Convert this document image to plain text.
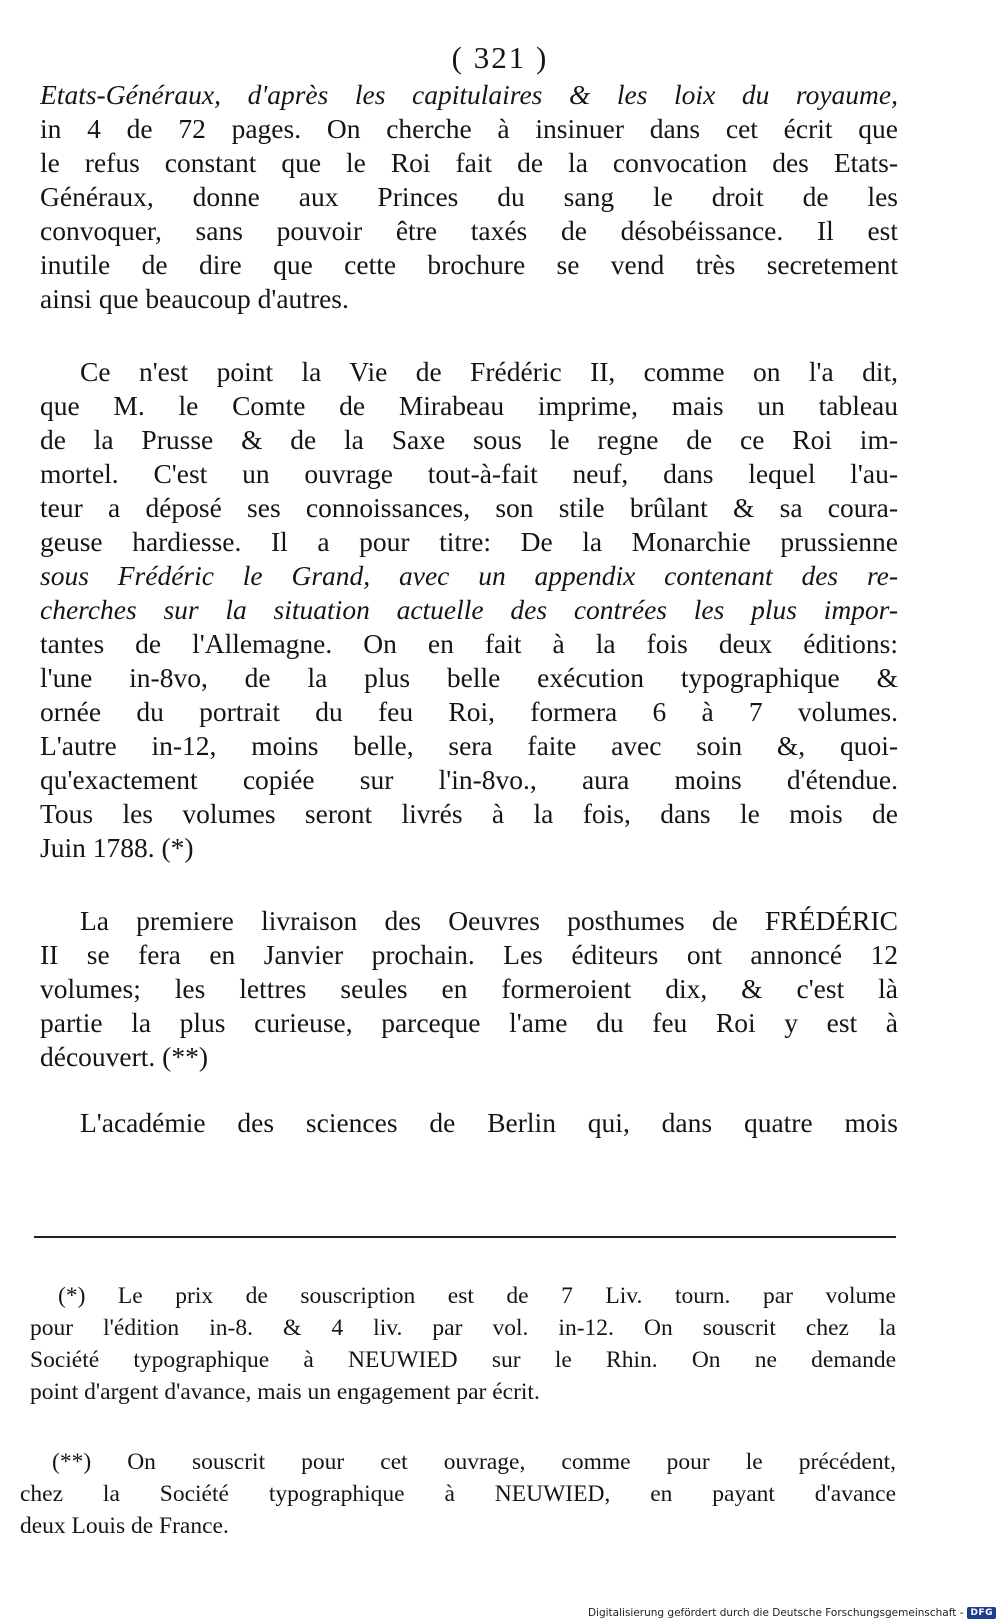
( 321 )
Etats-Généraux, d'après les capitulaires & les loix du royaume,
in 4 de 72 pages. On cherche à insinuer dans cet écrit que
le refus constant que le Roi fait de la convocation des Etats-
Généraux, donne aux Princes du sang le droit de les
convoquer, sans pouvoir être taxés de désobéissance. Il est
inutile de dire que cette brochure se vend très secretement
ainsi que beaucoup d'autres.
Ce n'est point la Vie de Frédéric II, comme on l'a dit,
que M. le Comte de Mirabeau imprime, mais un tableau
de la Prusse & de la Saxe sous le regne de ce Roi im-
mortel. C'est un ouvrage tout-à-fait neuf, dans lequel l'au-
teur a déposé ses connoissances, son stile brûlant & sa coura-
geuse hardiesse. Il a pour titre: De la Monarchie prussienne
sous Frédéric le Grand, avec un appendix contenant des re-
cherches sur la situation actuelle des contrées les plus impor-
tantes de l'Allemagne. On en fait à la fois deux éditions:
l'une in-8vo, de la plus belle exécution typographique &
ornée du portrait du feu Roi, formera 6 à 7 volumes.
L'autre in-12, moins belle, sera faite avec soin &, quoi-
qu'exactement copiée sur l'in-8vo., aura moins d'étendue.
Tous les volumes seront livrés à la fois, dans le mois de
Juin 1788. (*)
La premiere livraison des Oeuvres posthumes de FRÉDÉRIC
II se fera en Janvier prochain. Les éditeurs ont annoncé 12
volumes; les lettres seules en formeroient dix, & c'est là
partie la plus curieuse, parceque l'ame du feu Roi y est à
découvert. (**)
L'académie des sciences de Berlin qui, dans quatre mois
(*) Le prix de souscription est de 7 Liv. tourn. par volume
pour l'édition in-8. & 4 liv. par vol. in-12. On souscrit chez la
Société typographique à NEUWIED sur le Rhin. On ne demande
point d'argent d'avance, mais un engagement par écrit.
(**) On souscrit pour cet ouvrage, comme pour le précédent,
chez la Société typographique à NEUWIED, en payant d'avance
deux Louis de France.
Digitalisierung gefördert durch die Deutsche Forschungsgemeinschaft - DFG
